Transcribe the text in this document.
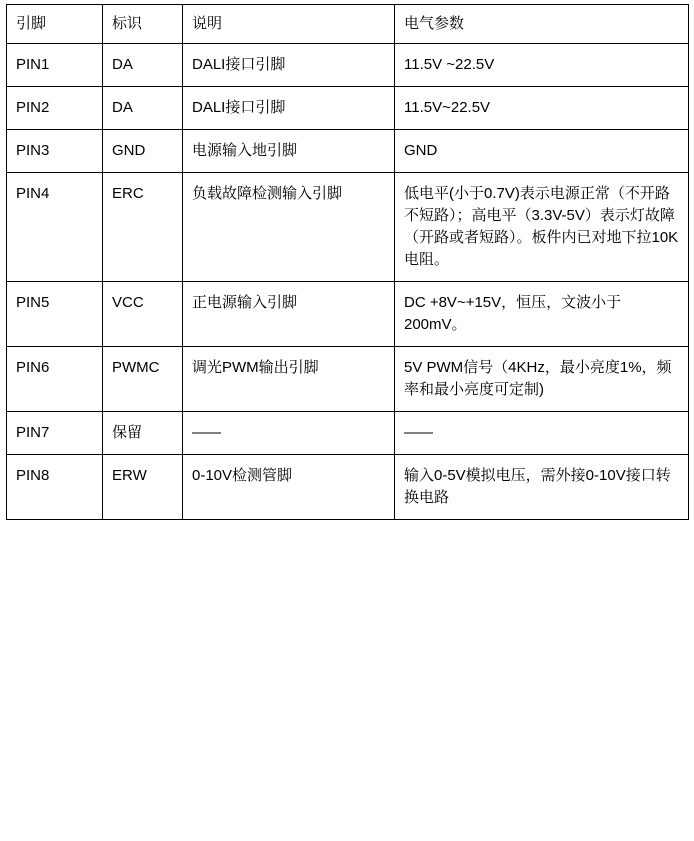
引脚	标识	说明	电气参数
PIN1	DA	DALI接口引脚	11.5V ~22.5V
PIN2	DA	DALI接口引脚	11.5V~22.5V
PIN3	GND	电源输入地引脚	GND
PIN4	ERC	负载故障检测输入引脚	低电平(小于0.7V)表示电源正常（不开路不短路）；高电平（3.3V-5V）表示灯故障（开路或者短路）。板件内已对地下拉10K电阻。
PIN5	VCC	正电源输入引脚	DC +8V~+15V，恒压，文波小于200mV。
PIN6	PWMC	调光PWM输出引脚	5V PWM信号（4KHz，最小亮度1%，频率和最小亮度可定制)
PIN7	保留	——	——
PIN8	ERW	0-10V检测管脚	输入0-5V模拟电压，需外接0-10V接口转换电路
